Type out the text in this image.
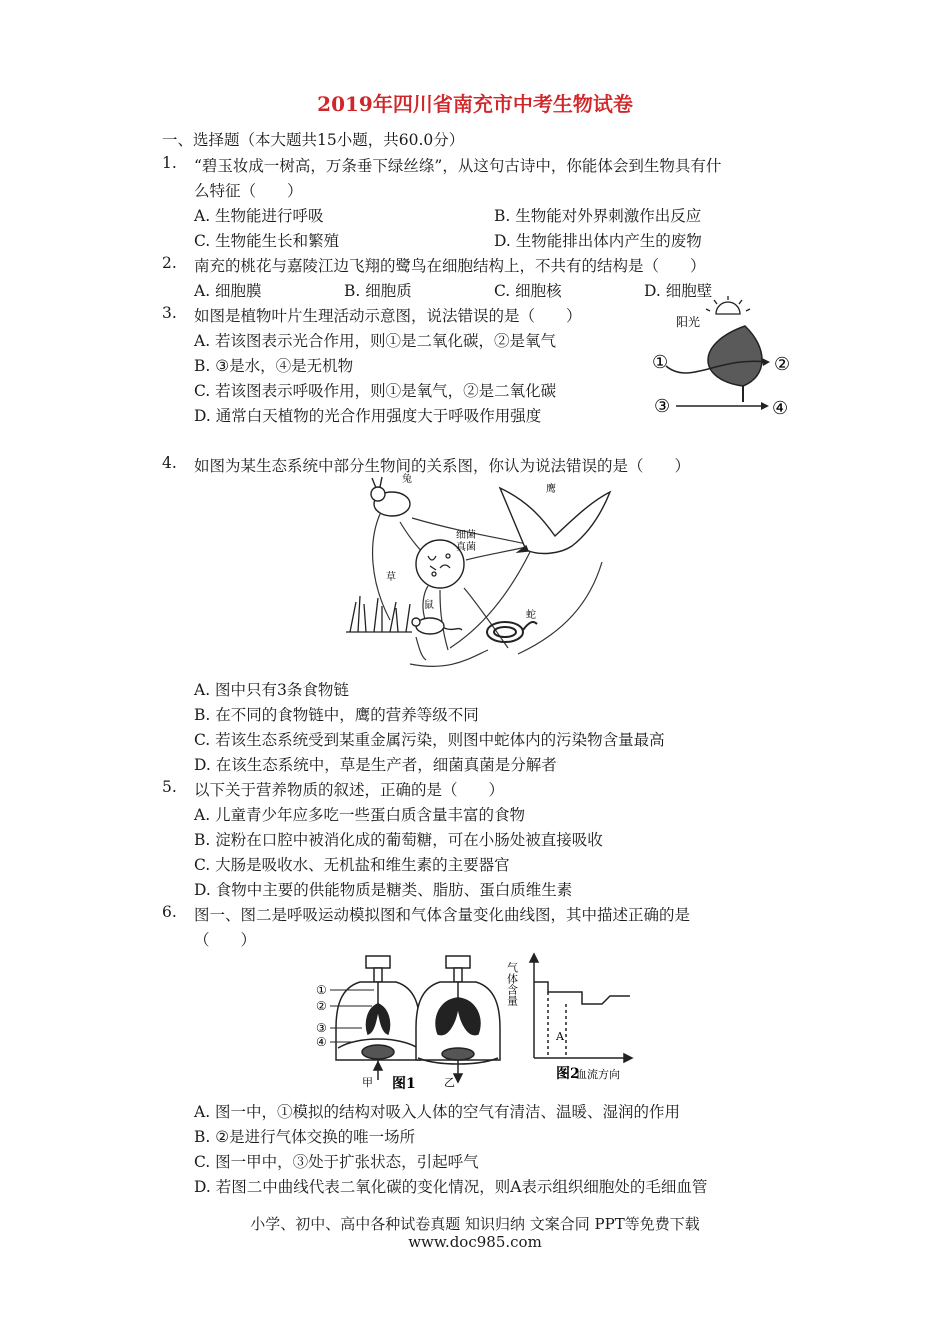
2019年四川省南充市中考生物试卷
一、选择题（本大题共15小题，共60.0分）
1. “碧玉妆成一树高，万条垂下绿丝绦”，从这句古诗中，你能体会到生物具有什
么特征（　　）
A. 生物能进行呼吸	B. 生物能对外界刺激作出反应
C. 生物能生长和繁殖	D. 生物能排出体内产生的废物
2. 南充的桃花与嘉陵江边飞翔的鹭鸟在细胞结构上，不共有的结构是（　　）
A. 细胞膜	B. 细胞质	C. 细胞核	D. 细胞壁
3. 如图是植物叶片生理活动示意图，说法错误的是（　　）
A. 若该图表示光合作用，则①是二氧化碳，②是氧气
B. ③是水，④是无机物
C. 若该图表示呼吸作用，则①是氧气，②是二氧化碳
D. 通常白天植物的光合作用强度大于呼吸作用强度
阳光
①	②
③	④
4. 如图为某生态系统中部分生物间的关系图，你认为说法错误的是（　　）
兔
鹰
细菌
真菌
草
鼠
蛇
A. 图中只有3条食物链
B. 在不同的食物链中，鹰的营养等级不同
C. 若该生态系统受到某重金属污染，则图中蛇体内的污染物含量最高
D. 在该生态系统中，草是生产者，细菌真菌是分解者
5. 以下关于营养物质的叙述，正确的是（　　）
A. 儿童青少年应多吃一些蛋白质含量丰富的食物
B. 淀粉在口腔中被消化成的葡萄糖，可在小肠处被直接吸收
C. 大肠是吸收水、无机盐和维生素的主要器官
D. 食物中主要的供能物质是糖类、脂肪、蛋白质维生素
6. 图一、图二是呼吸运动模拟图和气体含量变化曲线图，其中描述正确的是
（　　）
①
②
③
④
甲	乙
图1
A
气体含量
血流方向
图2
A. 图一中，①模拟的结构对吸入人体的空气有清洁、温暖、湿润的作用
B. ②是进行气体交换的唯一场所
C. 图一甲中，③处于扩张状态，引起呼气
D. 若图二中曲线代表二氧化碳的变化情况，则A表示组织细胞处的毛细血管
小学、初中、高中各种试卷真题 知识归纳 文案合同 PPT等免费下载
www.doc985.com
